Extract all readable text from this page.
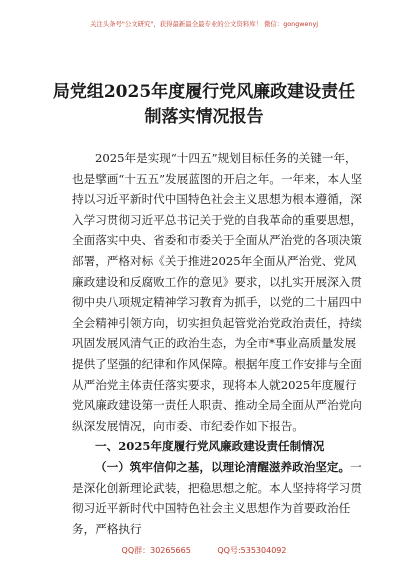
关注头条号"公文研究"，获得最新最全最专业的公文资料库！ 微信：gongwenyj
局党组2025年度履行党风廉政建设责任
制落实情况报告

2025年是实现“十四五”规划目标任务的关键一年，也是擘画“十五五”发展蓝图的开启之年。一年来，本人坚持以习近平新时代中国特色社会主义思想为根本遵循，深入学习贯彻习近平总书记关于党的自我革命的重要思想，全面落实中央、省委和市委关于全面从严治党的各项决策部署，严格对标《关于推进2025年全面从严治党、党风廉政建设和反腐败工作的意见》要求，以扎实开展深入贯彻中央八项规定精神学习教育为抓手，以党的二十届四中全会精神引领方向，切实担负起管党治党政治责任，持续巩固发展风清气正的政治生态，为全市*事业高质量发展提供了坚强的纪律和作风保障。根据年度工作安排与全面从严治党主体责任落实要求，现将本人就2025年度履行党风廉政建设第一责任人职责、推动全局全面从严治党向纵深发展情况，向市委、市纪委作如下报告。

一、2025年度履行党风廉政建设责任制情况

（一）筑牢信仰之基，以理论清醒滋养政治坚定。一是深化创新理论武装，把稳思想之舵。本人坚持将学习贯彻习近平新时代中国特色社会主义思想作为首要政治任务，严格执行

QQ群：30265665	QQ号:535304092
